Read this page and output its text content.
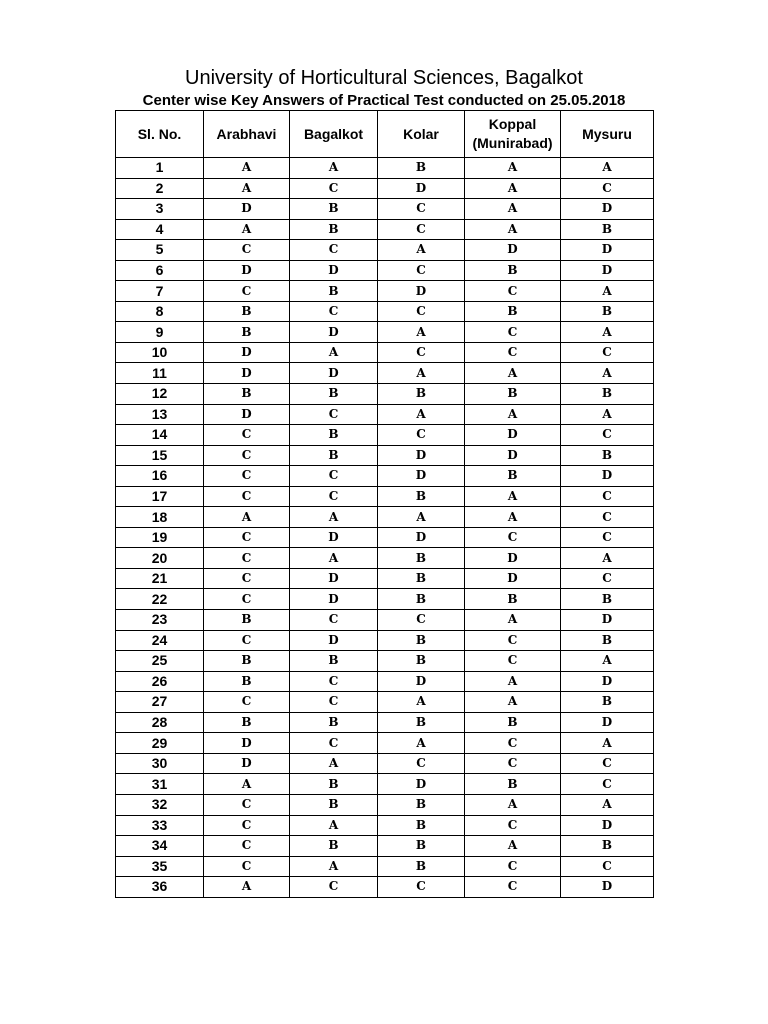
University of Horticultural Sciences, Bagalkot
Center wise Key Answers of Practical Test conducted on 25.05.2018
Sl. No.	Arabhavi	Bagalkot	Kolar	Koppal
(Munirabad)	Mysuru
1	A	A	B	A	A
2	A	C	D	A	C
3	D	B	C	A	D
4	A	B	C	A	B
5	C	C	A	D	D
6	D	D	C	B	D
7	C	B	D	C	A
8	B	C	C	B	B
9	B	D	A	C	A
10	D	A	C	C	C
11	D	D	A	A	A
12	B	B	B	B	B
13	D	C	A	A	A
14	C	B	C	D	C
15	C	B	D	D	B
16	C	C	D	B	D
17	C	C	B	A	C
18	A	A	A	A	C
19	C	D	D	C	C
20	C	A	B	D	A
21	C	D	B	D	C
22	C	D	B	B	B
23	B	C	C	A	D
24	C	D	B	C	B
25	B	B	B	C	A
26	B	C	D	A	D
27	C	C	A	A	B
28	B	B	B	B	D
29	D	C	A	C	A
30	D	A	C	C	C
31	A	B	D	B	C
32	C	B	B	A	A
33	C	A	B	C	D
34	C	B	B	A	B
35	C	A	B	C	C
36	A	C	C	C	D
